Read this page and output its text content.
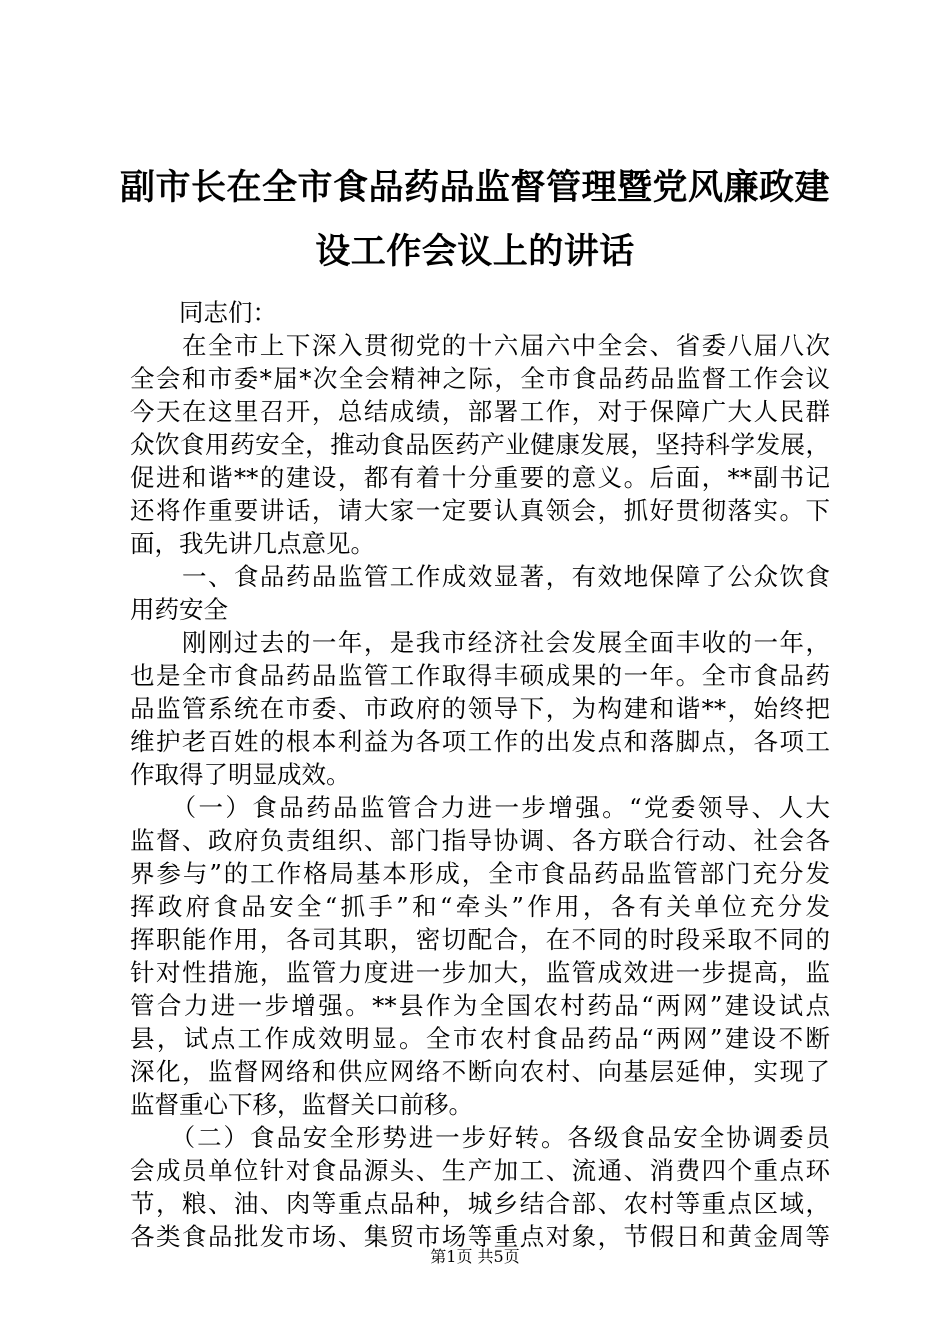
副市长在全市食品药品监督管理暨党风廉政建
设工作会议上的讲话
　　同志们：
　　在全市上下深入贯彻党的十六届六中全会、省委八届八次
全会和市委*届*次全会精神之际，全市食品药品监督工作会议
今天在这里召开，总结成绩，部署工作，对于保障广大人民群
众饮食用药安全，推动食品医药产业健康发展，坚持科学发展，
促进和谐**的建设，都有着十分重要的意义。后面，**副书记
还将作重要讲话，请大家一定要认真领会，抓好贯彻落实。下
面，我先讲几点意见。
　　一、食品药品监管工作成效显著，有效地保障了公众饮食
用药安全
　　刚刚过去的一年，是我市经济社会发展全面丰收的一年，
也是全市食品药品监管工作取得丰硕成果的一年。全市食品药
品监管系统在市委、市政府的领导下，为构建和谐**，始终把
维护老百姓的根本利益为各项工作的出发点和落脚点，各项工
作取得了明显成效。
　　（一）食品药品监管合力进一步增强。“党委领导、人大
监督、政府负责组织、部门指导协调、各方联合行动、社会各
界参与”的工作格局基本形成，全市食品药品监管部门充分发
挥政府食品安全“抓手”和“牵头”作用，各有关单位充分发
挥职能作用，各司其职，密切配合，在不同的时段采取不同的
针对性措施，监管力度进一步加大，监管成效进一步提高，监
管合力进一步增强。**县作为全国农村药品“两网”建设试点
县，试点工作成效明显。全市农村食品药品“两网”建设不断
深化，监督网络和供应网络不断向农村、向基层延伸，实现了
监督重心下移，监督关口前移。
　　（二）食品安全形势进一步好转。各级食品安全协调委员
会成员单位针对食品源头、生产加工、流通、消费四个重点环
节，粮、油、肉等重点品种，城乡结合部、农村等重点区域，
各类食品批发市场、集贸市场等重点对象，节假日和黄金周等
第1页 共5页
